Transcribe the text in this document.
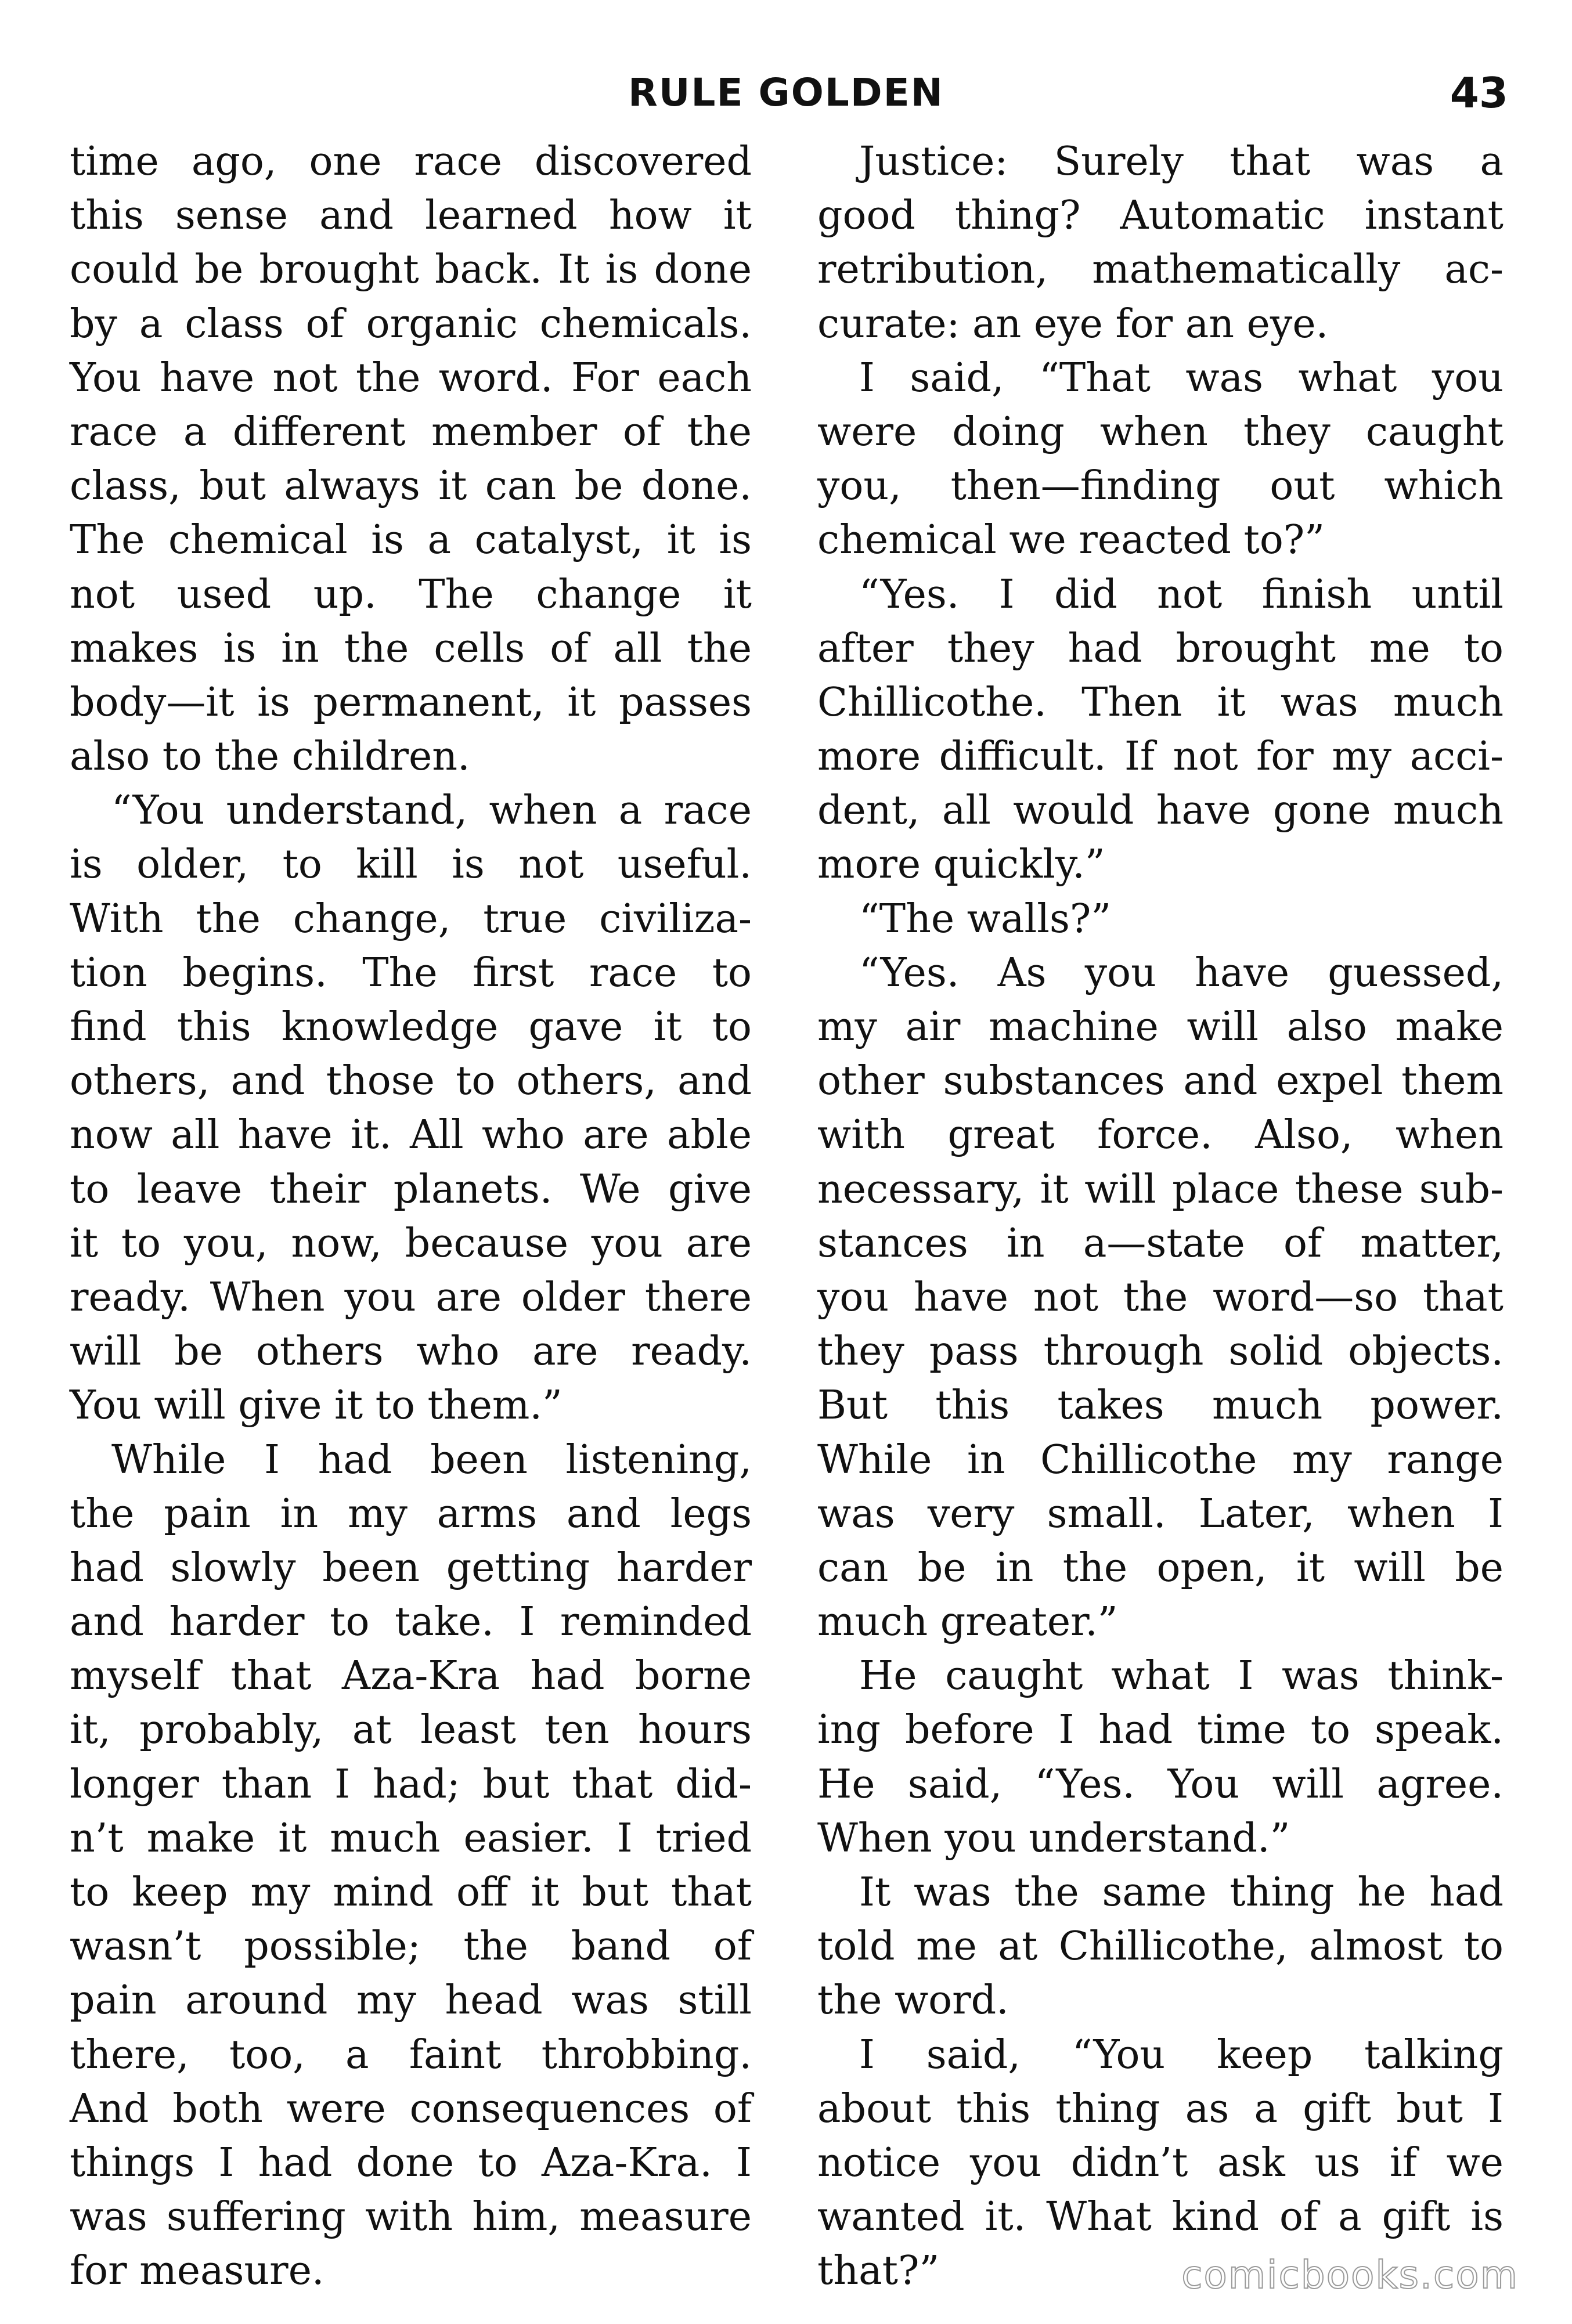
RULE GOLDEN	43
time ago, one race discovered
this sense and learned how it
could be brought back. It is done
by a class of organic chemicals.
You have not the word. For each
race a different member of the
class, but always it can be done.
The chemical is a catalyst, it is
not used up. The change it
makes is in the cells of all the
body—it is permanent, it passes
also to the children.
“You understand, when a race
is older, to kill is not useful.
With the change, true civiliza-
tion begins. The first race to
find this knowledge gave it to
others, and those to others, and
now all have it. All who are able
to leave their planets. We give
it to you, now, because you are
ready. When you are older there
will be others who are ready.
You will give it to them.”
While I had been listening,
the pain in my arms and legs
had slowly been getting harder
and harder to take. I reminded
myself that Aza-Kra had borne
it, probably, at least ten hours
longer than I had; but that did-
n’t make it much easier. I tried
to keep my mind off it but that
wasn’t possible; the band of
pain around my head was still
there, too, a faint throbbing.
And both were consequences of
things I had done to Aza-Kra. I
was suffering with him, measure
for measure.
Justice: Surely that was a
good thing? Automatic instant
retribution, mathematically ac-
curate: an eye for an eye.
I said, “That was what you
were doing when they caught
you, then—finding out which
chemical we reacted to?”
“Yes. I did not finish until
after they had brought me to
Chillicothe. Then it was much
more difficult. If not for my acci-
dent, all would have gone much
more quickly.”
“The walls?”
“Yes. As you have guessed,
my air machine will also make
other substances and expel them
with great force. Also, when
necessary, it will place these sub-
stances in a—state of matter,
you have not the word—so that
they pass through solid objects.
But this takes much power.
While in Chillicothe my range
was very small. Later, when I
can be in the open, it will be
much greater.”
He caught what I was think-
ing before I had time to speak.
He said, “Yes. You will agree.
When you understand.”
It was the same thing he had
told me at Chillicothe, almost to
the word.
I said, “You keep talking
about this thing as a gift but I
notice you didn’t ask us if we
wanted it. What kind of a gift is
that?”	comicbooks.com
